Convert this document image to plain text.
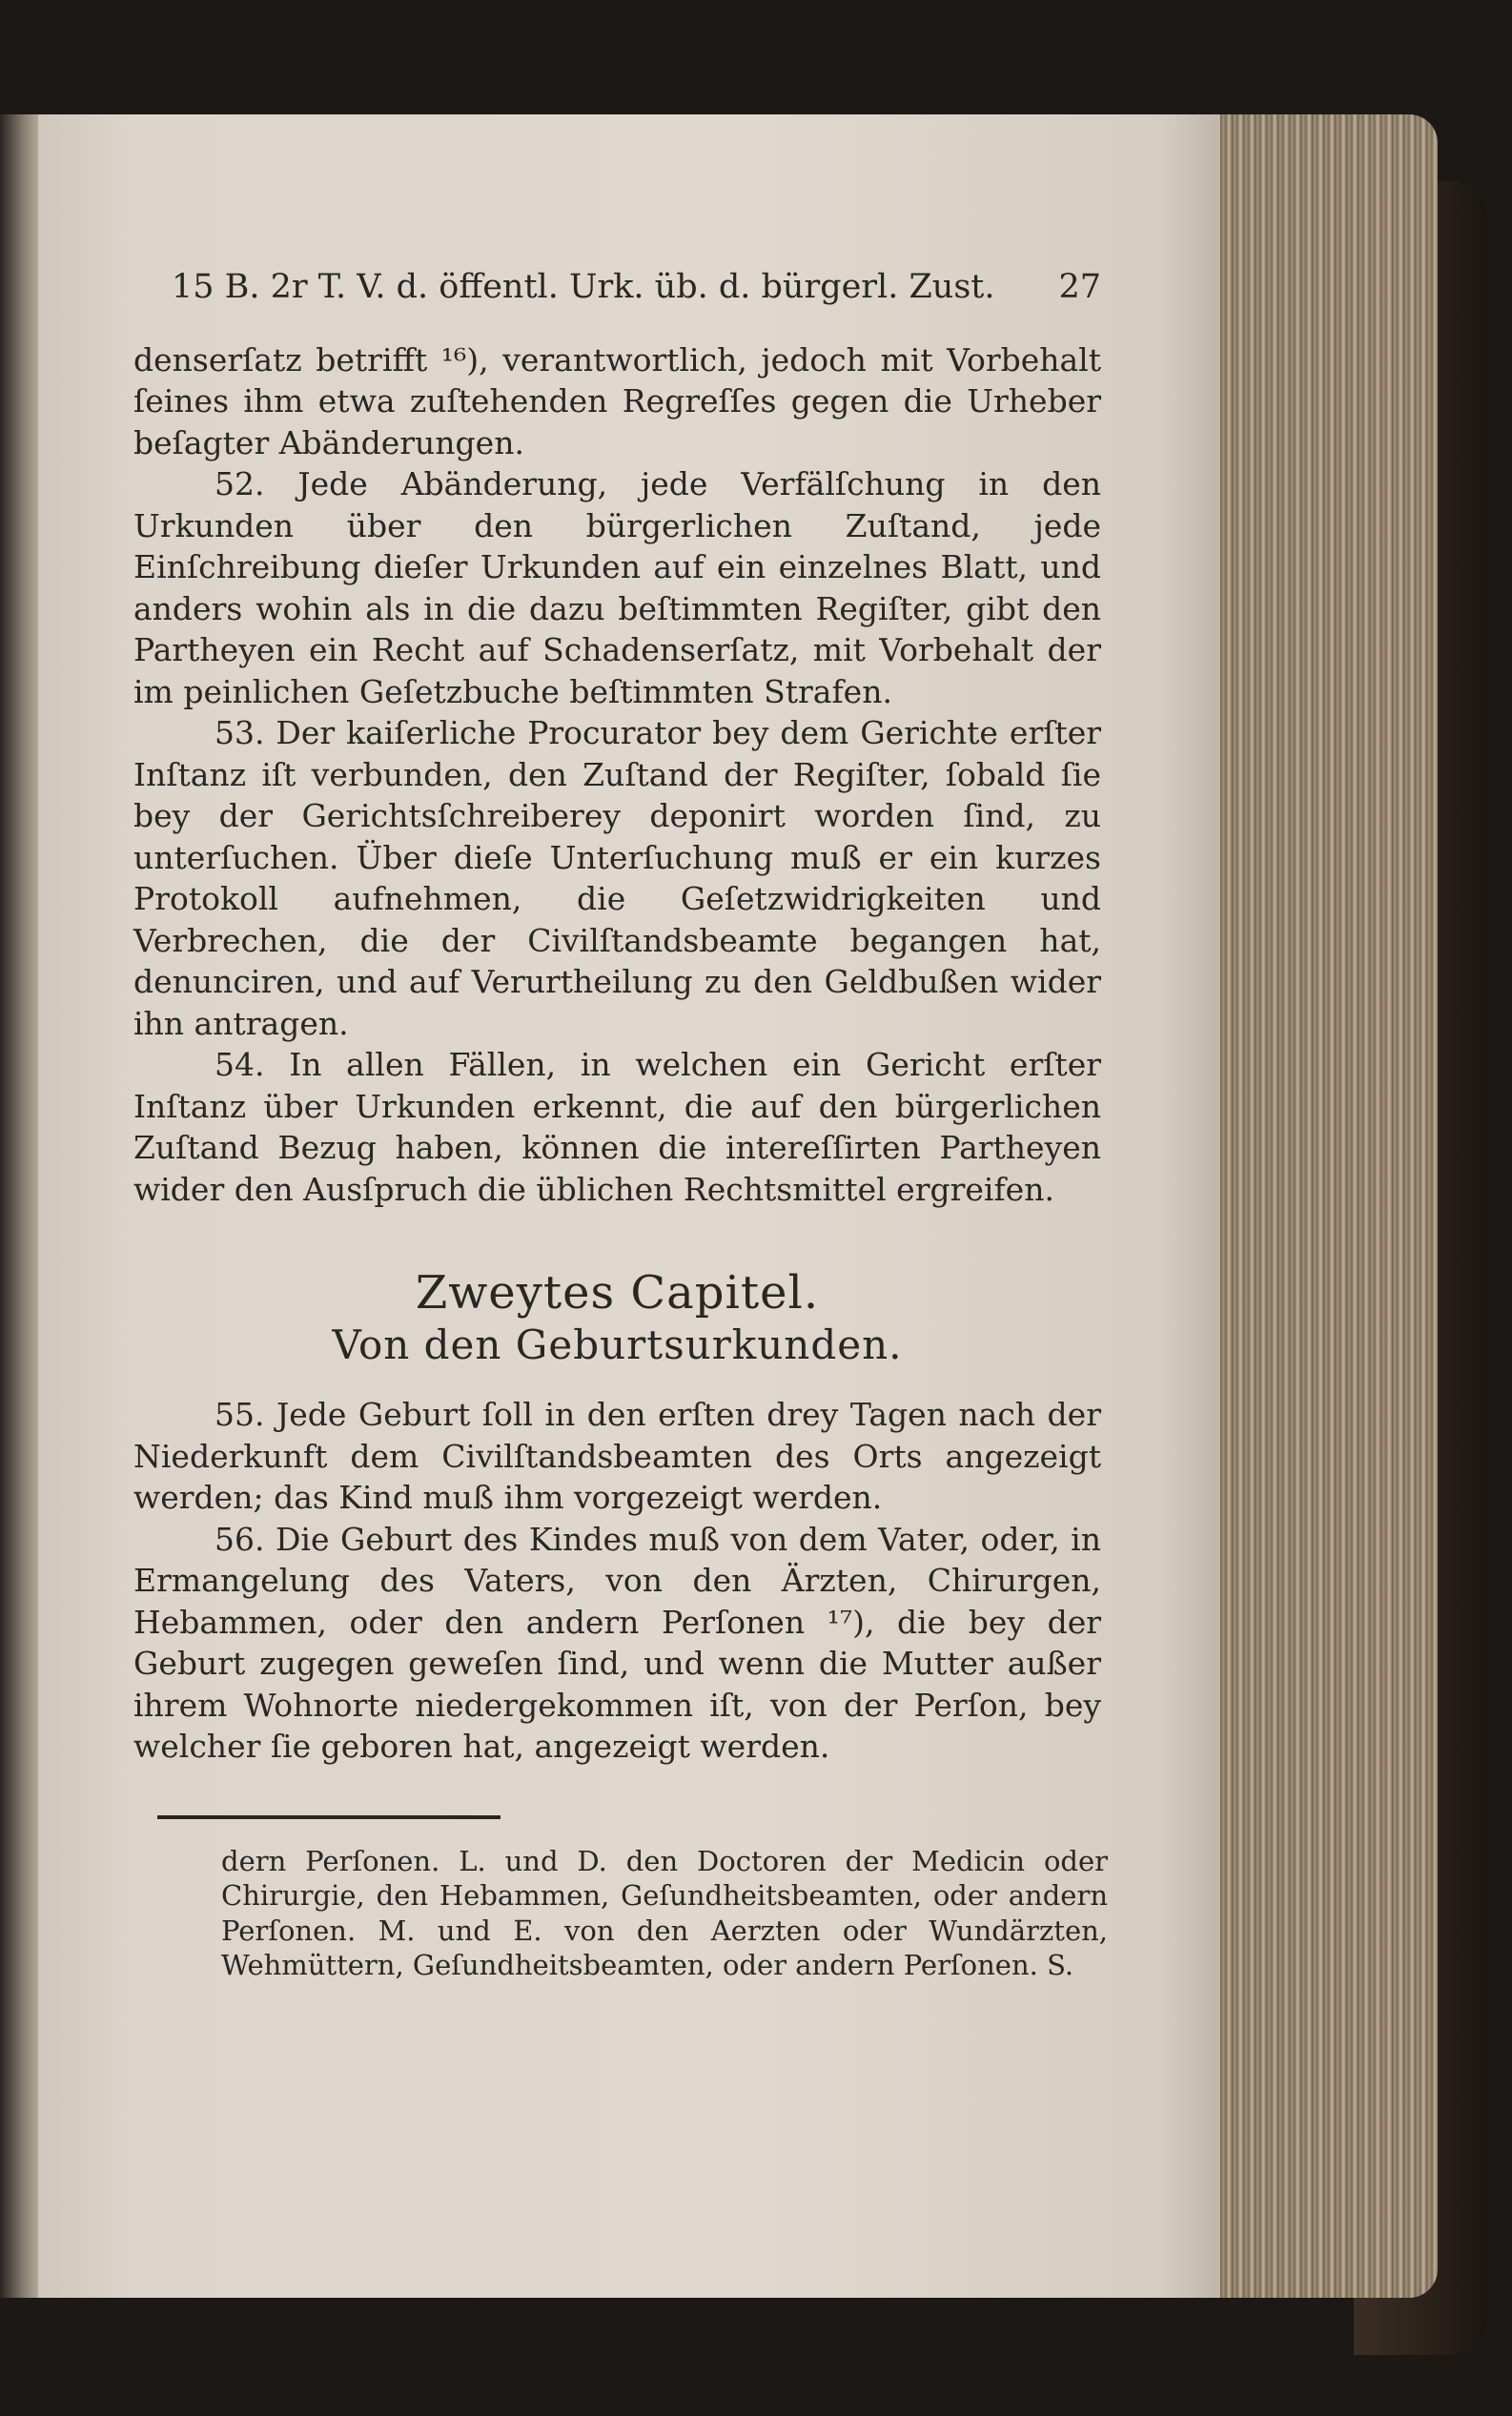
15 B. 2r T. V. d. öffentl. Urk. üb. d. bürgerl. Zust. 27

denserſatz betrifft ¹⁶), verantwortlich, jedoch mit Vorbehalt ſeines ihm etwa zuſtehenden Regreſſes gegen die Urheber beſagter Abänderungen.

52. Jede Abänderung, jede Verfälſchung in den Urkunden über den bürgerlichen Zuſtand, jede Einſchreibung dieſer Urkunden auf ein einzelnes Blatt, und anders wohin als in die dazu beſtimmten Regiſter, gibt den Partheyen ein Recht auf Schadenserſatz, mit Vorbehalt der im peinlichen Geſetzbuche beſtimmten Strafen.

53. Der kaiſerliche Procurator bey dem Gerichte erſter Inſtanz iſt verbunden, den Zuſtand der Regiſter, ſobald ſie bey der Gerichtsſchreiberey deponirt worden ſind, zu unterſuchen. Über dieſe Unterſuchung muß er ein kurzes Protokoll aufnehmen, die Geſetzwidrigkeiten und Verbrechen, die der Civilſtandsbeamte begangen hat, denunciren, und auf Verurtheilung zu den Geldbußen wider ihn antragen.

54. In allen Fällen, in welchen ein Gericht erſter Inſtanz über Urkunden erkennt, die auf den bürgerlichen Zuſtand Bezug haben, können die intereſſirten Partheyen wider den Ausſpruch die üblichen Rechtsmittel ergreifen.

Zweytes Capitel.
Von den Geburtsurkunden.

55. Jede Geburt ſoll in den erſten drey Tagen nach der Niederkunft dem Civilſtandsbeamten des Orts angezeigt werden; das Kind muß ihm vorgezeigt werden.

56. Die Geburt des Kindes muß von dem Vater, oder, in Ermangelung des Vaters, von den Ärzten, Chirurgen, Hebammen, oder den andern Perſonen ¹⁷), die bey der Geburt zugegen geweſen ſind, und wenn die Mutter außer ihrem Wohnorte niedergekommen iſt, von der Perſon, bey welcher ſie geboren hat, angezeigt werden.

dern Perſonen. L. und D. den Doctoren der Medicin oder Chirurgie, den Hebammen, Geſundheitsbeamten, oder andern Perſonen. M. und E. von den Aerzten oder Wundärzten, Wehmüttern, Geſundheitsbeamten, oder andern Perſonen. S.
